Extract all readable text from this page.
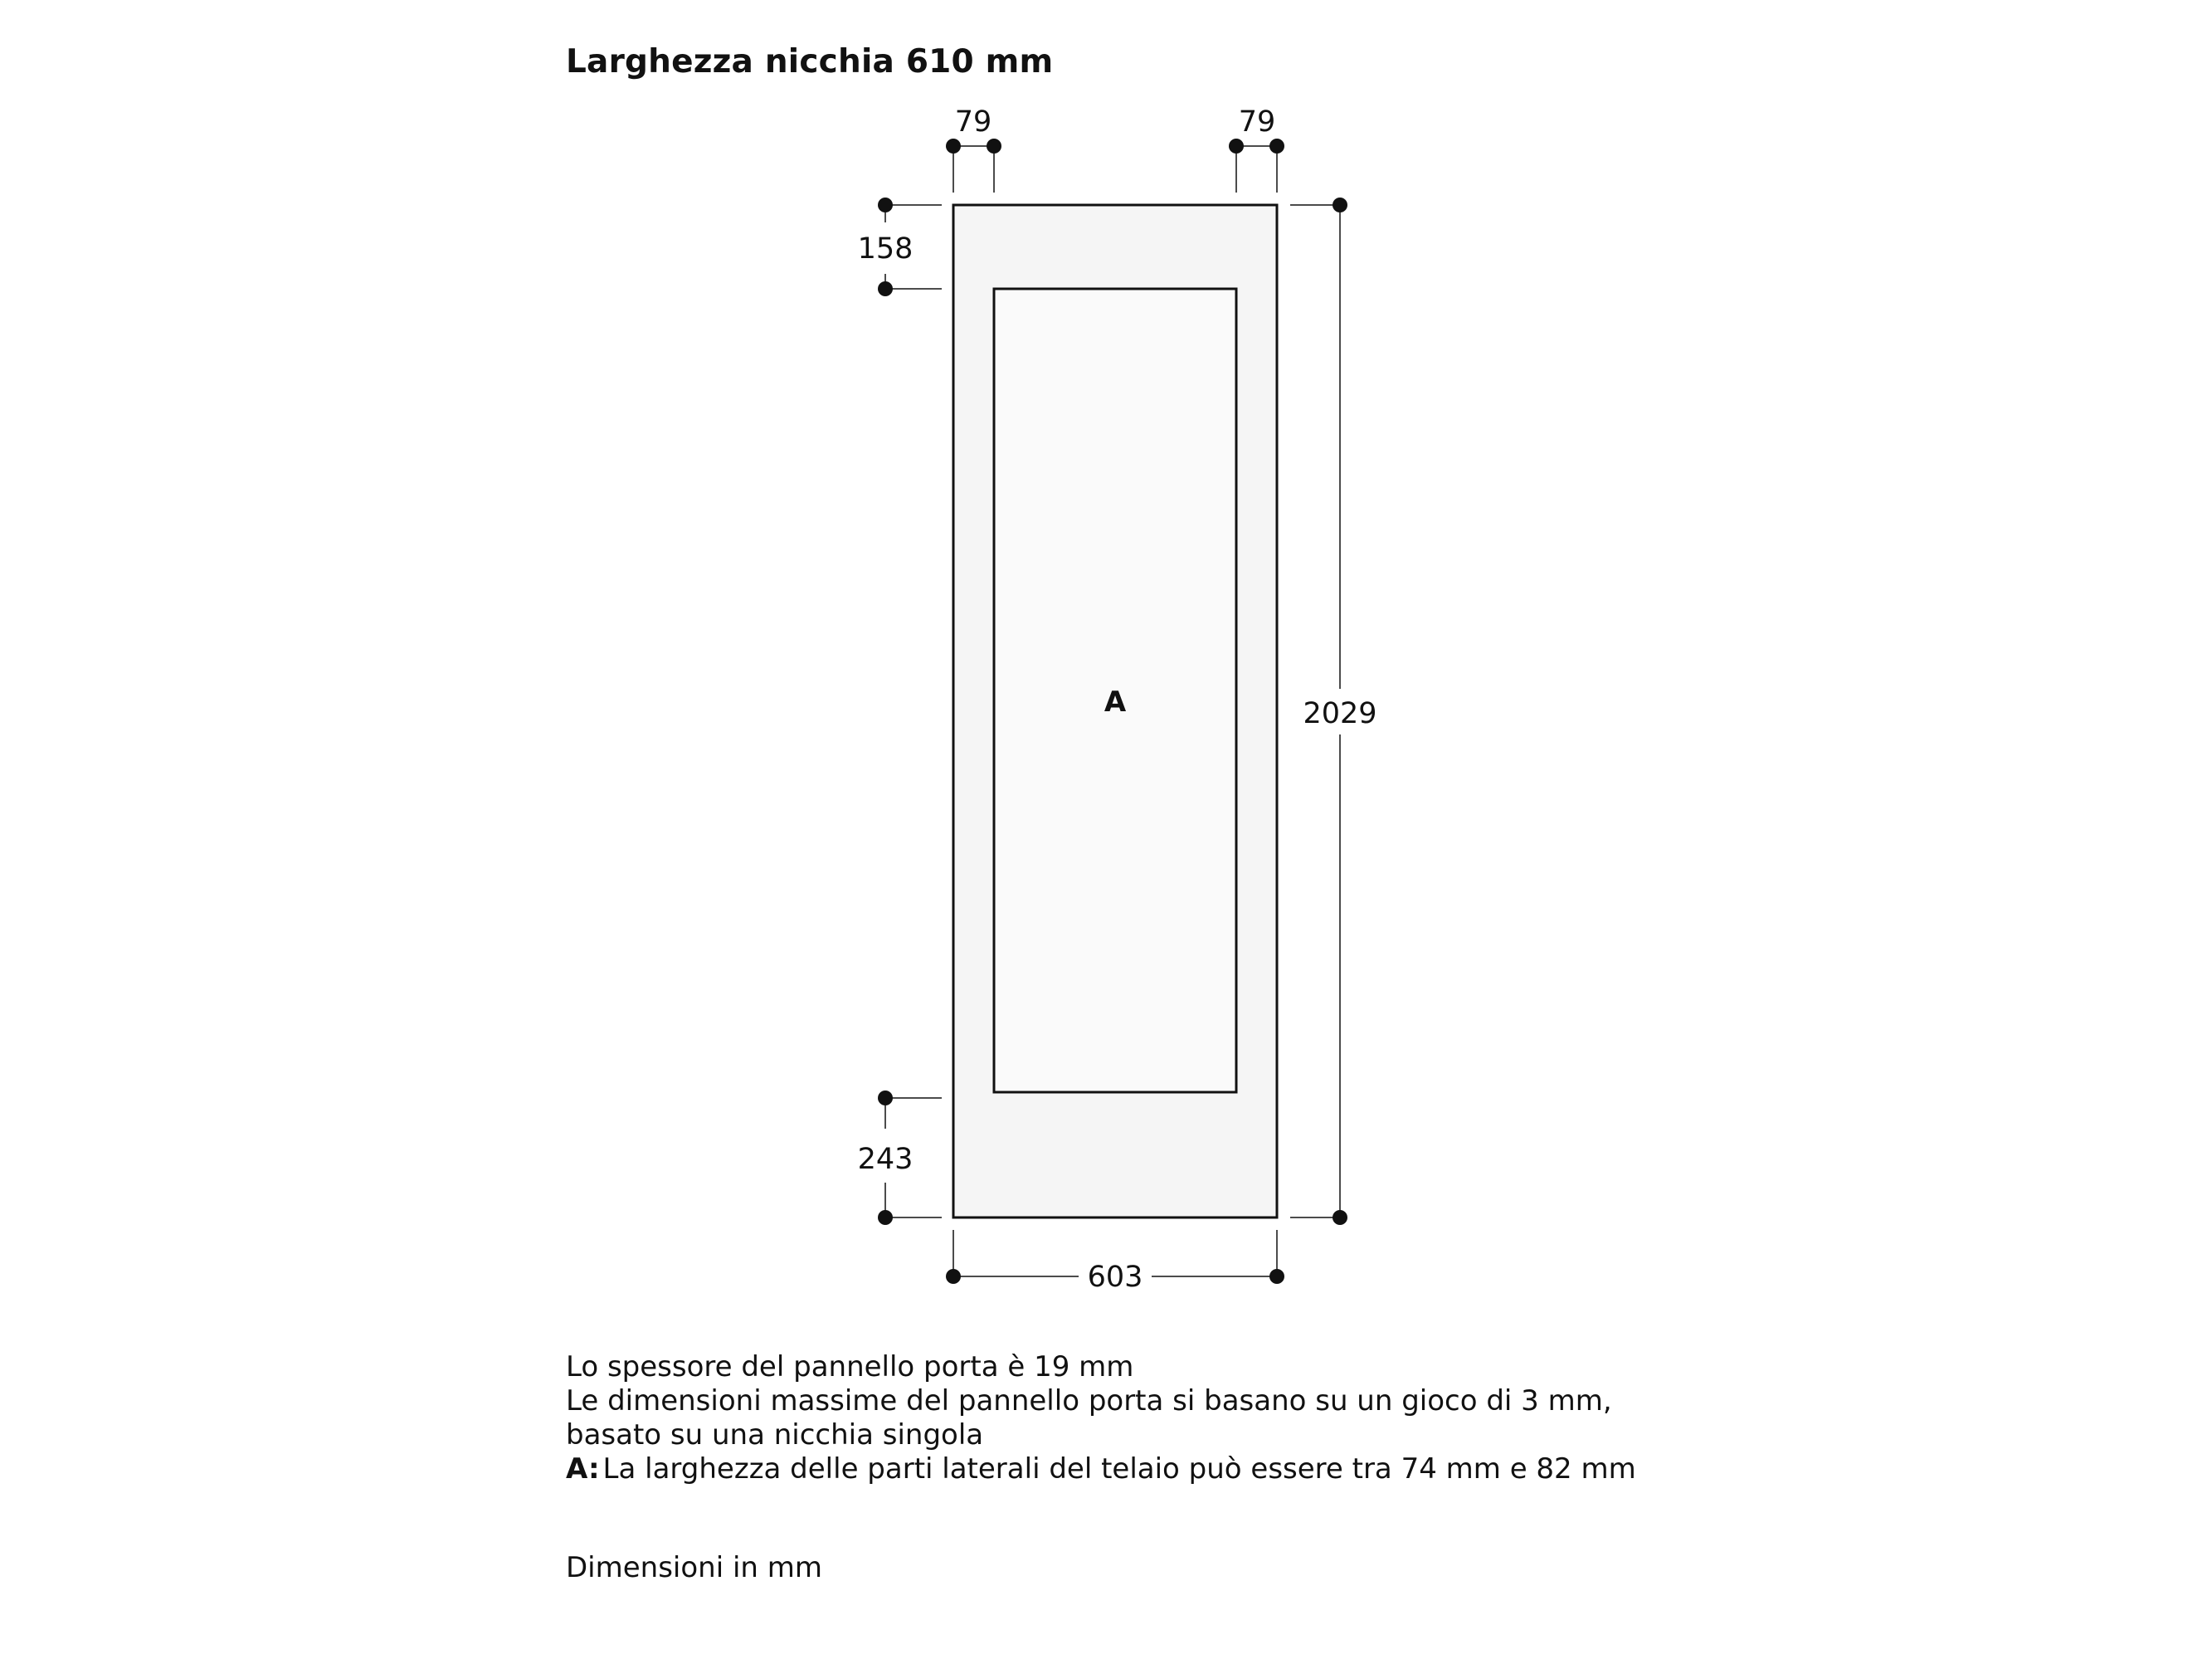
Larghezza nicchia 610 mm
A
79	79
158
243
2029
603
Lo spessore del pannello porta è 19 mm
Le dimensioni massime del pannello porta si basano su un gioco di 3 mm,
basato su una nicchia singola
A: La larghezza delle parti laterali del telaio può essere tra 74 mm e 82 mm
Dimensioni in mm
